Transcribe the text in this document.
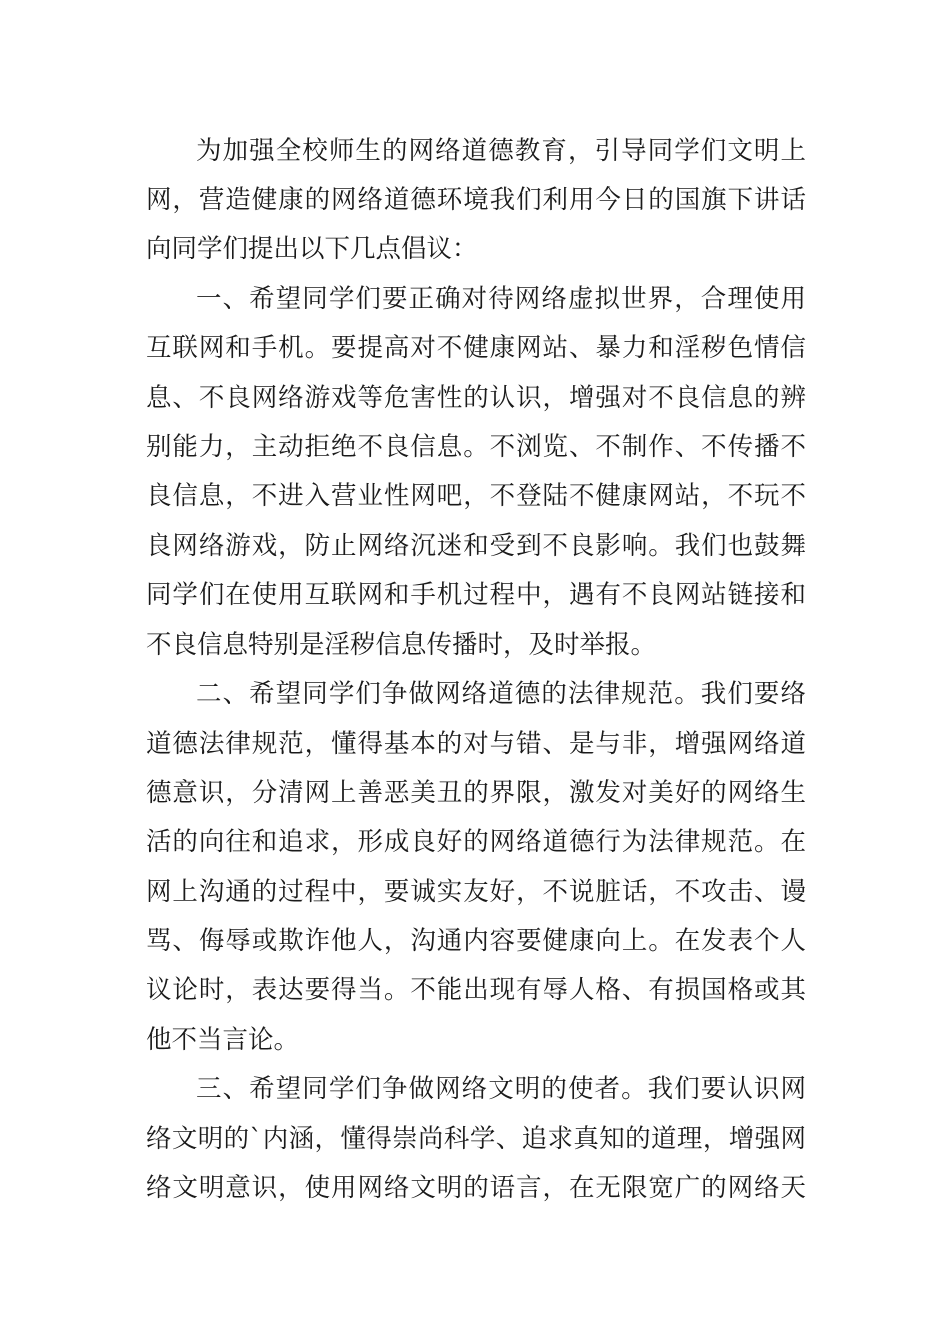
为加强全校师生的网络道德教育，引导同学们文明上
网，营造健康的网络道德环境我们利用今日的国旗下讲话
向同学们提出以下几点倡议：
一、希望同学们要正确对待网络虚拟世界，合理使用
互联网和手机。要提高对不健康网站、暴力和淫秽色情信
息、不良网络游戏等危害性的认识，增强对不良信息的辨
别能力，主动拒绝不良信息。不浏览、不制作、不传播不
良信息，不进入营业性网吧，不登陆不健康网站，不玩不
良网络游戏，防止网络沉迷和受到不良影响。我们也鼓舞
同学们在使用互联网和手机过程中，遇有不良网站链接和
不良信息特别是淫秽信息传播时，及时举报。
二、希望同学们争做网络道德的法律规范。我们要络
道德法律规范，懂得基本的对与错、是与非，增强网络道
德意识，分清网上善恶美丑的界限，激发对美好的网络生
活的向往和追求，形成良好的网络道德行为法律规范。在
网上沟通的过程中，要诚实友好，不说脏话，不攻击、谩
骂、侮辱或欺诈他人，沟通内容要健康向上。在发表个人
议论时，表达要得当。不能出现有辱人格、有损国格或其
他不当言论。
三、希望同学们争做网络文明的使者。我们要认识网
络文明的`内涵，懂得崇尚科学、追求真知的道理，增强网
络文明意识，使用网络文明的语言，在无限宽广的网络天
